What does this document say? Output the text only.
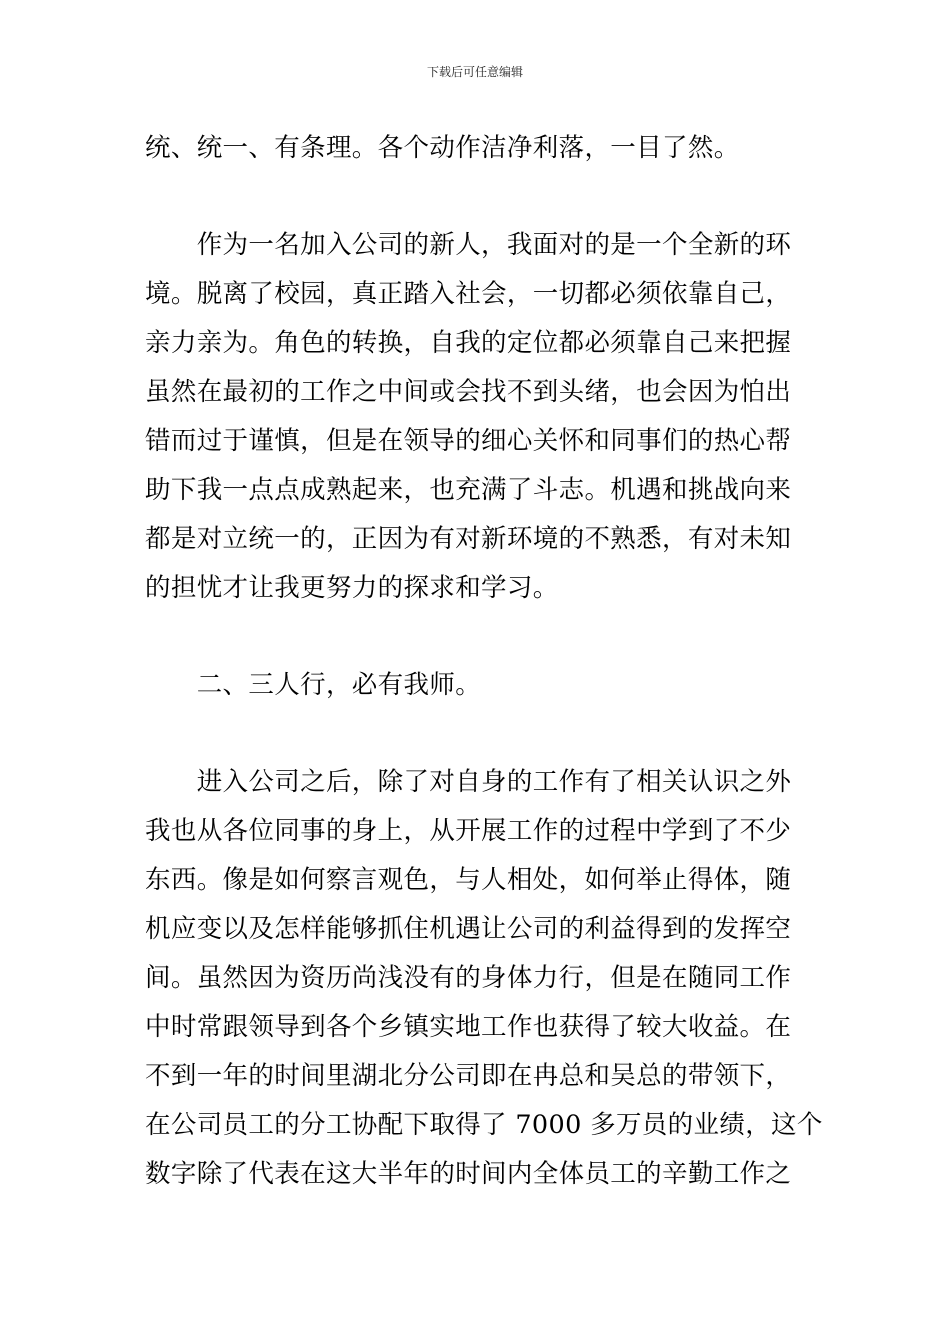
下载后可任意编辑

统、统一、有条理。各个动作洁净利落，一目了然。

　　作为一名加入公司的新人，我面对的是一个全新的环
境。脱离了校园，真正踏入社会，一切都必须依靠自己，
亲力亲为。角色的转换，自我的定位都必须靠自己来把握
虽然在最初的工作之中间或会找不到头绪，也会因为怕出
错而过于谨慎，但是在领导的细心关怀和同事们的热心帮
助下我一点点成熟起来，也充满了斗志。机遇和挑战向来
都是对立统一的，正因为有对新环境的不熟悉，有对未知
的担忧才让我更努力的探求和学习。

　　二、三人行，必有我师。

　　进入公司之后，除了对自身的工作有了相关认识之外
我也从各位同事的身上，从开展工作的过程中学到了不少
东西。像是如何察言观色，与人相处，如何举止得体，随
机应变以及怎样能够抓住机遇让公司的利益得到的发挥空
间。虽然因为资历尚浅没有的身体力行，但是在随同工作
中时常跟领导到各个乡镇实地工作也获得了较大收益。在
不到一年的时间里湖北分公司即在冉总和吴总的带领下，
在公司员工的分工协配下取得了 7000 多万员的业绩，这个
数字除了代表在这大半年的时间内全体员工的辛勤工作之
